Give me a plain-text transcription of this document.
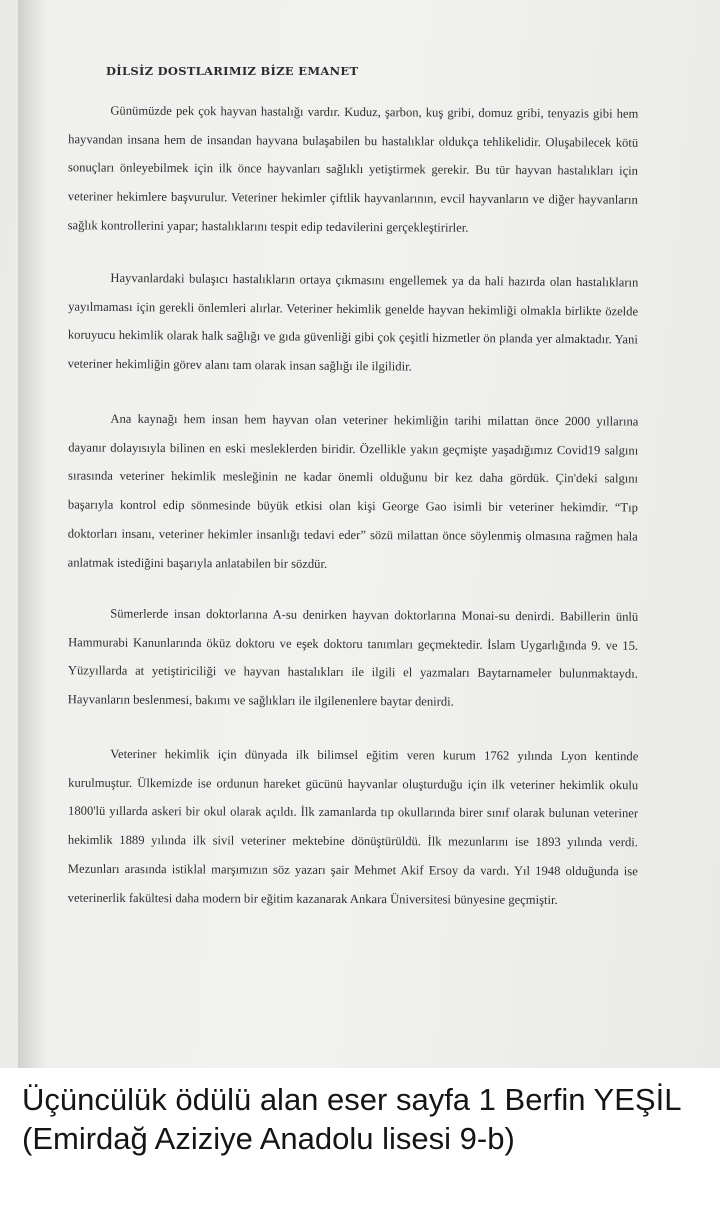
DİLSİZ DOSTLARIMIZ BİZE EMANET

Günümüzde pek çok hayvan hastalığı vardır. Kuduz, şarbon, kuş gribi, domuz gribi, tenyazis gibi hem hayvandan insana hem de insandan hayvana bulaşabilen bu hastalıklar oldukça tehlikelidir. Oluşabilecek kötü sonuçları önleyebilmek için ilk önce hayvanları sağlıklı yetiştirmek gerekir. Bu tür hayvan hastalıkları için veteriner hekimlere başvurulur. Veteriner hekimler çiftlik hayvanlarının, evcil hayvanların ve diğer hayvanların sağlık kontrollerini yapar; hastalıklarını tespit edip tedavilerini gerçekleştirirler.

Hayvanlardaki bulaşıcı hastalıkların ortaya çıkmasını engellemek ya da hali hazırda olan hastalıkların yayılmaması için gerekli önlemleri alırlar. Veteriner hekimlik genelde hayvan hekimliği olmakla birlikte özelde koruyucu hekimlik olarak halk sağlığı ve gıda güvenliği gibi çok çeşitli hizmetler ön planda yer almaktadır. Yani veteriner hekimliğin görev alanı tam olarak insan sağlığı ile ilgilidir.

Ana kaynağı hem insan hem hayvan olan veteriner hekimliğin tarihi milattan önce 2000 yıllarına dayanır dolayısıyla bilinen en eski mesleklerden biridir. Özellikle yakın geçmişte yaşadığımız Covid19 salgını sırasında veteriner hekimlik mesleğinin ne kadar önemli olduğunu bir kez daha gördük. Çin'deki salgını başarıyla kontrol edip sönmesinde büyük etkisi olan kişi George Gao isimli bir veteriner hekimdir. “Tıp doktorları insanı, veteriner hekimler insanlığı tedavi eder” sözü milattan önce söylenmiş olmasına rağmen hala anlatmak istediğini başarıyla anlatabilen bir sözdür.

Sümerlerde insan doktorlarına A-su denirken hayvan doktorlarına Monai-su denirdi. Babillerin ünlü Hammurabi Kanunlarında öküz doktoru ve eşek doktoru tanımları geçmektedir. İslam Uygarlığında 9. ve 15. Yüzyıllarda at yetiştiriciliği ve hayvan hastalıkları ile ilgili el yazmaları Baytarnameler bulunmaktaydı. Hayvanların beslenmesi, bakımı ve sağlıkları ile ilgilenenlere baytar denirdi.

Veteriner hekimlik için dünyada ilk bilimsel eğitim veren kurum 1762 yılında Lyon kentinde kurulmuştur. Ülkemizde ise ordunun hareket gücünü hayvanlar oluşturduğu için ilk veteriner hekimlik okulu 1800'lü yıllarda askeri bir okul olarak açıldı. İlk zamanlarda tıp okullarında birer sınıf olarak bulunan veteriner hekimlik 1889 yılında ilk sivil veteriner mektebine dönüştürüldü. İlk mezunlarını ise 1893 yılında verdi. Mezunları arasında istiklal marşımızın söz yazarı şair Mehmet Akif Ersoy da vardı. Yıl 1948 olduğunda ise veterinerlik fakültesi daha modern bir eğitim kazanarak Ankara Üniversitesi bünyesine geçmiştir.

Üçüncülük ödülü alan eser sayfa 1 Berfin YEŞİL (Emirdağ Aziziye Anadolu lisesi 9-b)
